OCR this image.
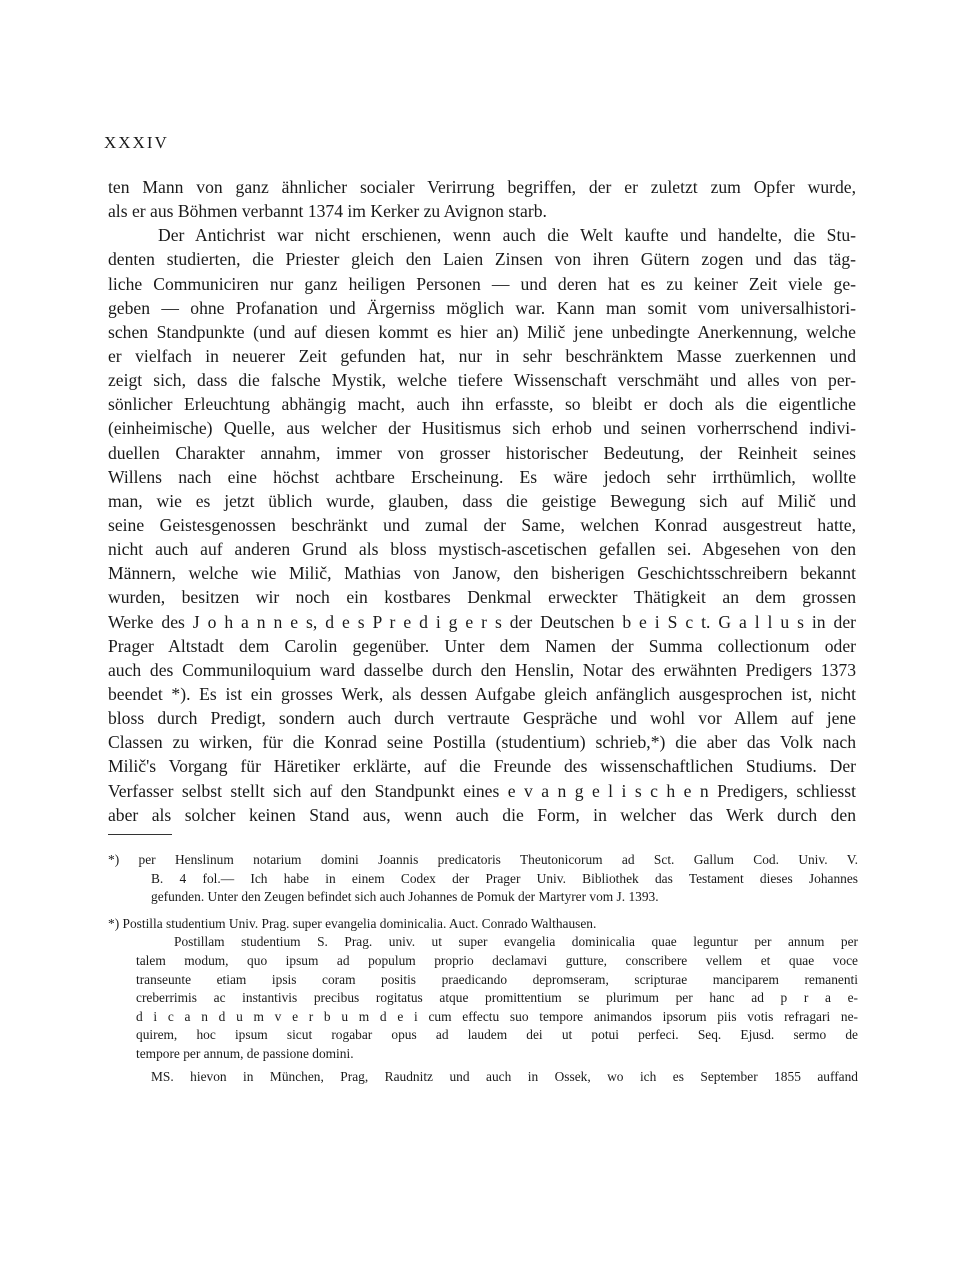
XXXIV

ten Mann von ganz ähnlicher socialer Verirrung begriffen, der er zuletzt zum Opfer wurde,
als er aus Böhmen verbannt 1374 im Kerker zu Avignon starb.
Der Antichrist war nicht erschienen, wenn auch die Welt kaufte und handelte, die Stu-
denten studierten, die Priester gleich den Laien Zinsen von ihren Gütern zogen und das täg-
liche Communiciren nur ganz heiligen Personen — und deren hat es zu keiner Zeit viele ge-
geben — ohne Profanation und Ärgerniss möglich war. Kann man somit vom universalhistori-
schen Standpunkte (und auf diesen kommt es hier an) Milič jene unbedingte Anerkennung, welche
er vielfach in neuerer Zeit gefunden hat, nur in sehr beschränktem Masse zuerkennen und
zeigt sich, dass die falsche Mystik, welche tiefere Wissenschaft verschmäht und alles von per-
sönlicher Erleuchtung abhängig macht, auch ihn erfasste, so bleibt er doch als die eigentliche
(einheimische) Quelle, aus welcher der Husitismus sich erhob und seinen vorherrschend indivi-
duellen Charakter annahm, immer von grosser historischer Bedeutung, der Reinheit seines
Willens nach eine höchst achtbare Erscheinung. Es wäre jedoch sehr irrthümlich, wollte
man, wie es jetzt üblich wurde, glauben, dass die geistige Bewegung sich auf Milič und
seine Geistesgenossen beschränkt und zumal der Same, welchen Konrad ausgestreut hatte,
nicht auch auf anderen Grund als bloss mystisch-ascetischen gefallen sei. Abgesehen von den
Männern, welche wie Milič, Mathias von Janow, den bisherigen Geschichtsschreibern bekannt
wurden, besitzen wir noch ein kostbares Denkmal erweckter Thätigkeit an dem grossen
Werke des J o h a n n e s, d e s P r e d i g e r s der Deutschen b e i S c t. G a l l u s in der
Prager Altstadt dem Carolin gegenüber. Unter dem Namen der Summa collectionum oder
auch des Communiloquium ward dasselbe durch den Henslin, Notar des erwähnten Predigers 1373
beendet *). Es ist ein grosses Werk, als dessen Aufgabe gleich anfänglich ausgesprochen ist, nicht
bloss durch Predigt, sondern auch durch vertraute Gespräche und wohl vor Allem auf jene
Classen zu wirken, für die Konrad seine Postilla (studentium) schrieb,*) die aber das Volk nach
Milič's Vorgang für Häretiker erklärte, auf die Freunde des wissenschaftlichen Studiums. Der
Verfasser selbst stellt sich auf den Standpunkt eines e v a n g e l i s c h e n Predigers, schliesst
aber als solcher keinen Stand aus, wenn auch die Form, in welcher das Werk durch den
*) per Henslinum notarium domini Joannis predicatoris Theutonicorum ad Sct. Gallum Cod. Univ. V.
B. 4 fol.— Ich habe in einem Codex der Prager Univ. Bibliothek das Testament dieses Johannes
gefunden. Unter den Zeugen befindet sich auch Johannes de Pomuk der Martyrer vom J. 1393.
*) Postilla studentium Univ. Prag. super evangelia dominicalia. Auct. Conrado Walthausen.
Postillam studentium S. Prag. univ. ut super evangelia dominicalia quae leguntur per annum per
talem modum, quo ipsum ad populum proprio declamavi gutture, conscribere vellem et quae voce
transeunte etiam ipsis coram positis praedicando depromseram, scripturae manciparem remanenti
creberrimis ac instantivis precibus rogitatus atque promittentium se plurimum per hanc ad p r a e-
d i c a n d u m v e r b u m d e i cum effectu suo tempore animandos ipsorum piis votis refragari ne-
quirem, hoc ipsum sicut rogabar opus ad laudem dei ut potui perfeci. Seq. Ejusd. sermo de
tempore per annum, de passione domini.
MS. hievon in München, Prag, Raudnitz und auch in Ossek, wo ich es September 1855 auffand
